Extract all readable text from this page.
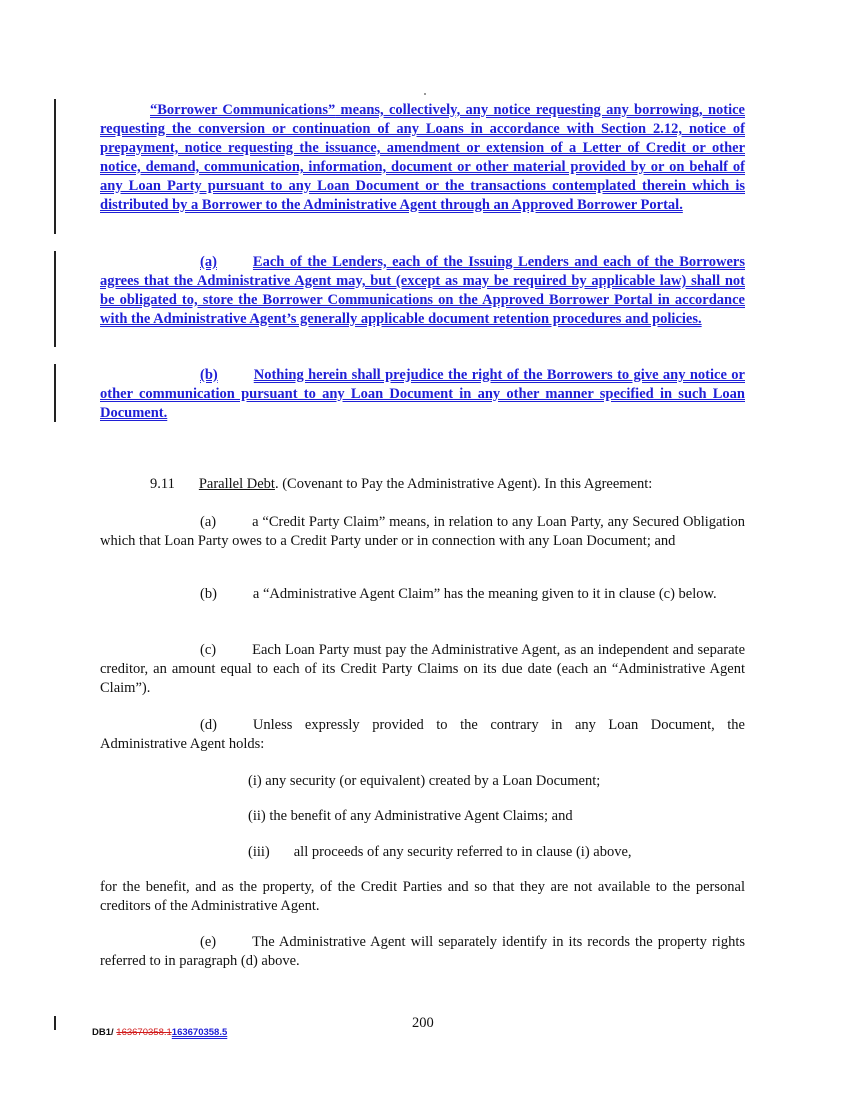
“Borrower Communications” means, collectively, any notice requesting any borrowing, notice requesting the conversion or continuation of any Loans in accordance with Section 2.12, notice of prepayment, notice requesting the issuance, amendment or extension of a Letter of Credit or other notice, demand, communication, information, document or other material provided by or on behalf of any Loan Party pursuant to any Loan Document or the transactions contemplated therein which is distributed by a Borrower to the Administrative Agent through an Approved Borrower Portal.

(a) Each of the Lenders, each of the Issuing Lenders and each of the Borrowers agrees that the Administrative Agent may, but (except as may be required by applicable law) shall not be obligated to, store the Borrower Communications on the Approved Borrower Portal in accordance with the Administrative Agent’s generally applicable document retention procedures and policies.

(b) Nothing herein shall prejudice the right of the Borrowers to give any notice or other communication pursuant to any Loan Document in any other manner specified in such Loan Document.

9.11 Parallel Debt. (Covenant to Pay the Administrative Agent). In this Agreement:

(a) a “Credit Party Claim” means, in relation to any Loan Party, any Secured Obligation which that Loan Party owes to a Credit Party under or in connection with any Loan Document; and

(b) a “Administrative Agent Claim” has the meaning given to it in clause (c) below.

(c) Each Loan Party must pay the Administrative Agent, as an independent and separate creditor, an amount equal to each of its Credit Party Claims on its due date (each an “Administrative Agent Claim”).

(d) Unless expressly provided to the contrary in any Loan Document, the Administrative Agent holds:

(i) any security (or equivalent) created by a Loan Document;
(ii) the benefit of any Administrative Agent Claims; and
(iii) all proceeds of any security referred to in clause (i) above,

for the benefit, and as the property, of the Credit Parties and so that they are not available to the personal creditors of the Administrative Agent.

(e) The Administrative Agent will separately identify in its records the property rights referred to in paragraph (d) above.

DB1/ 163670358.1163670358.5
200
